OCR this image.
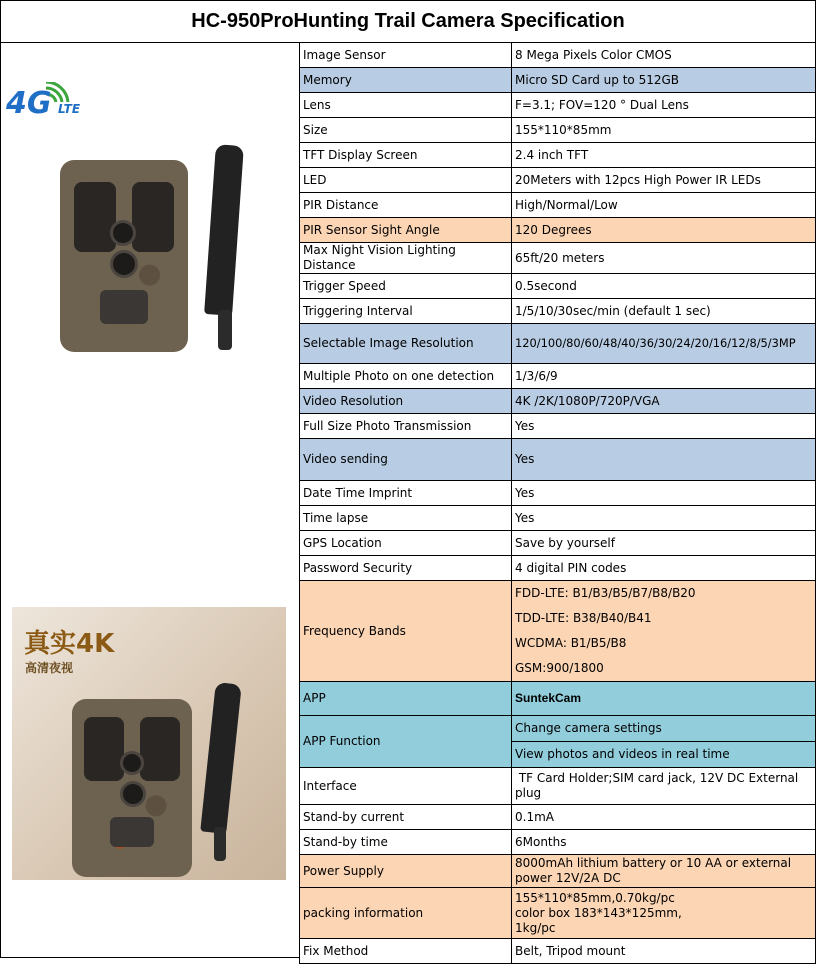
HC-950ProHunting Trail Camera Specification
4G LTE
真实4K
高清夜视
Image Sensor	8 Mega Pixels Color CMOS
Memory	Micro SD Card up to 512GB
Lens	F=3.1; FOV=120 ° Dual Lens
Size	155*110*85mm
TFT Display Screen	2.4 inch TFT
LED	20Meters with 12pcs High Power IR LEDs
PIR Distance	High/Normal/Low
PIR Sensor Sight Angle	120 Degrees
Max Night Vision Lighting Distance	65ft/20 meters
Trigger Speed	0.5second
Triggering Interval	1/5/10/30sec/min (default 1 sec)
Selectable Image Resolution	120/100/80/60/48/40/36/30/24/20/16/12/8/5/3MP
Multiple Photo on one detection	1/3/6/9
Video Resolution	4K /2K/1080P/720P/VGA
Full Size Photo Transmission	Yes
Video sending	Yes
Date Time Imprint	Yes
Time lapse	Yes
GPS Location	Save by yourself
Password Security	4 digital PIN codes
Frequency Bands	FDD-LTE: B1/B3/B5/B7/B8/B20
TDD-LTE: B38/B40/B41
WCDMA: B1/B5/B8
GSM:900/1800

APP	SuntekCam
APP Function	Change camera settings
View photos and videos in real time

Interface	TF Card Holder;SIM card jack, 12V DC External plug
Stand-by current	0.1mA
Stand-by time	6Months
Power Supply	8000mAh lithium battery or 10 AA or external power 12V/2A DC
packing information	155*110*85mm,0.70kg/pc
color box 183*143*125mm,
1kg/pc

Fix Method	Belt, Tripod mount
